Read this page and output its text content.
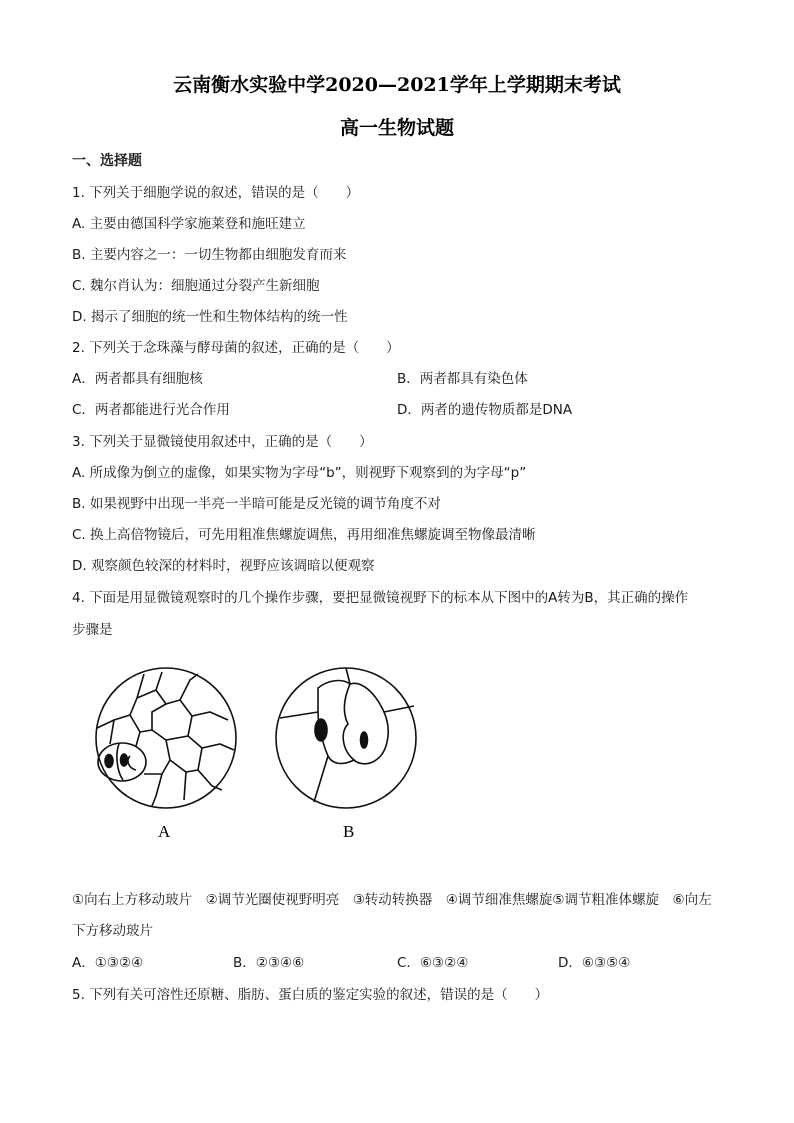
云南衡水实验中学2020—2021学年上学期期末考试
高一生物试题
一、选择题
1. 下列关于细胞学说的叙述，错误的是（　　）
A. 主要由德国科学家施莱登和施旺建立
B. 主要内容之一：一切生物都由细胞发育而来
C. 魏尔肖认为：细胞通过分裂产生新细胞
D. 揭示了细胞的统一性和生物体结构的统一性
2. 下列关于念珠藻与酵母菌的叙述，正确的是（　　）
A．两者都具有细胞核	B．两者都具有染色体
C．两者都能进行光合作用	D．两者的遗传物质都是DNA
3. 下列关于显微镜使用叙述中，正确的是（　　）
A. 所成像为倒立的虚像，如果实物为字母“b”，则视野下观察到的为字母“p”
B. 如果视野中出现一半亮一半暗可能是反光镜的调节角度不对
C. 换上高倍物镜后，可先用粗准焦螺旋调焦，再用细准焦螺旋调至物像最清晰
D. 观察颜色较深的材料时，视野应该调暗以便观察
4. 下面是用显微镜观察时的几个操作步骤，要把显微镜视野下的标本从下图中的A转为B，其正确的操作
步骤是
A	B
①向右上方移动玻片　②调节光圈使视野明亮　③转动转换器　④调节细准焦螺旋⑤调节粗准体螺旋　⑥向左
下方移动玻片
A．①③②④	B．②③④⑥	C．⑥③②④	D．⑥③⑤④
5. 下列有关可溶性还原糖、脂肪、蛋白质的鉴定实验的叙述，错误的是（　　）
